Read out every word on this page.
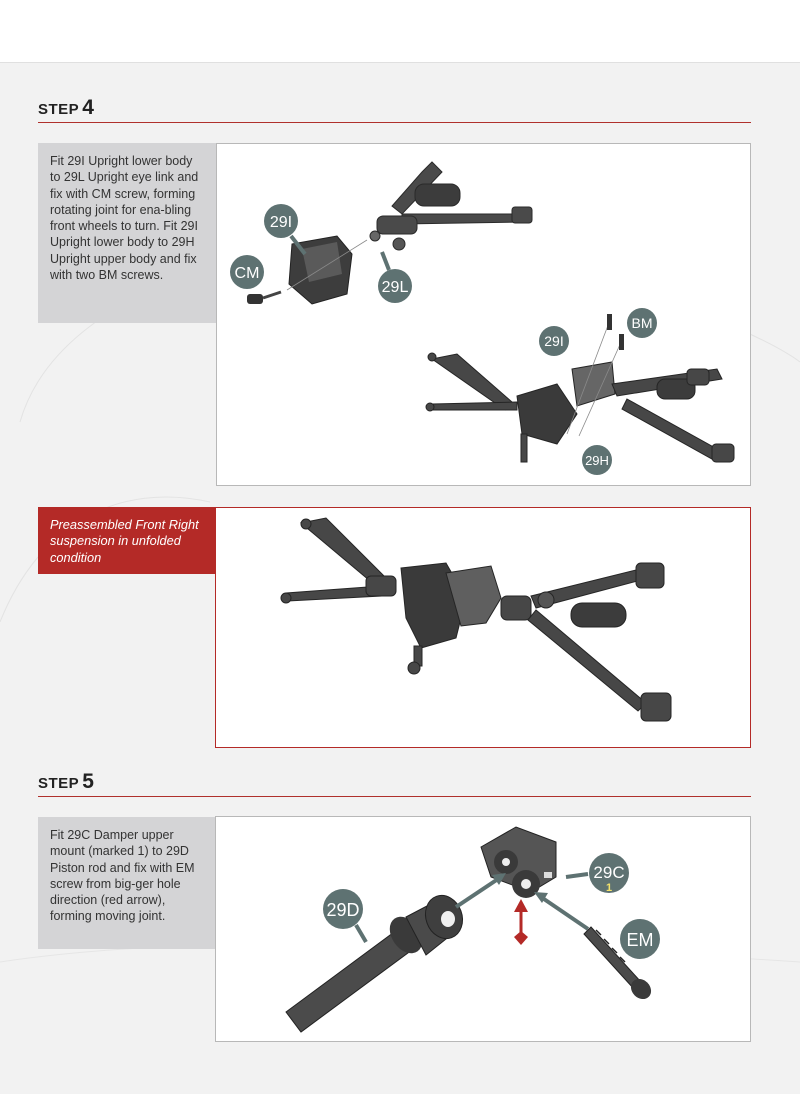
STEP 4
Fit 29I Upright lower body to 29L Upright eye link and fix with CM screw, forming rotating joint for ena-bling front wheels to turn. Fit 29I Upright lower body to 29H Upright upper body and fix with two BM screws.
29I
CM
29L
29I
BM
29H
Preassembled Front Right suspension in unfolded condition
STEP 5
Fit 29C Damper upper mount (marked 1) to 29D Piston rod and fix with EM screw from big-ger hole direction (red arrow), forming moving joint.	29D
29C
1
EM
